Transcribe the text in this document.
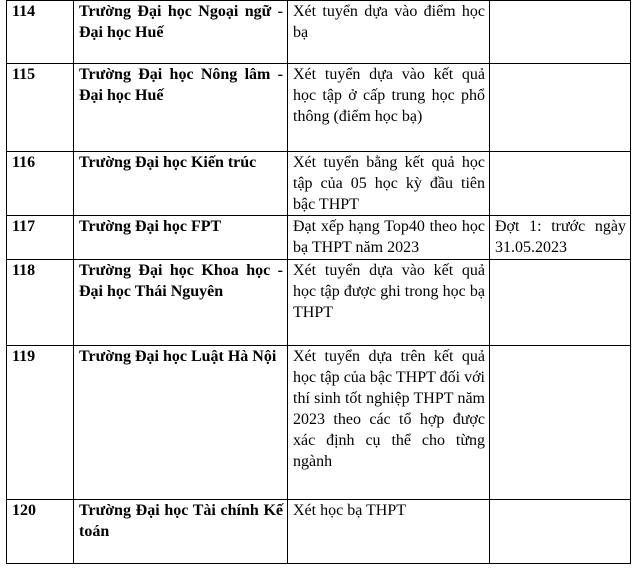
114	Trường Đại học Ngoại ngữ - Đại học Huế	Xét tuyển dựa vào điểm học bạ	
115	Trường Đại học Nông lâm - Đại học Huế	Xét tuyển dựa vào kết quả học tập ở cấp trung học phổ thông (điểm học bạ)	
116	Trường Đại học Kiến trúc	Xét tuyển bằng kết quả học tập của 05 học kỳ đầu tiên bậc THPT	
117	Trường Đại học FPT	Đạt xếp hạng Top40 theo học bạ THPT năm 2023	Đợt 1: trước ngày 31.05.2023
118	Trường Đại học Khoa học - Đại học Thái Nguyên	Xét tuyển dựa vào kết quả học tập được ghi trong học bạ THPT	
119	Trường Đại học Luật Hà Nội	Xét tuyển dựa trên kết quả học tập của bậc THPT đối với thí sinh tốt nghiệp THPT năm 2023 theo các tổ hợp được xác định cụ thể cho từng ngành	
120	Trường Đại học Tài chính Kế toán	Xét học bạ THPT	
